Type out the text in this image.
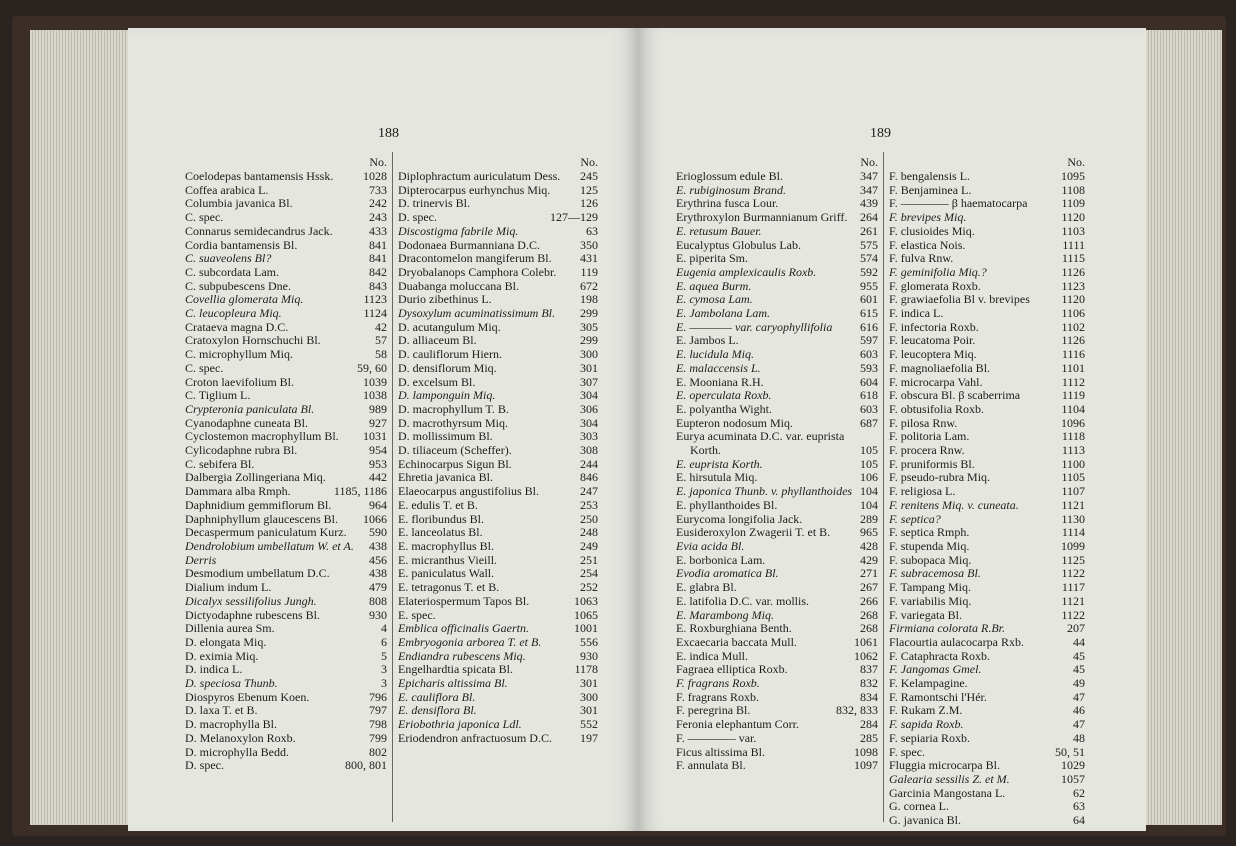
188
No.
Coelodepas bantamensis Hssk.	1028
Coffea arabica L.	733
Columbia javanica Bl.	242
C. spec.	243
Connarus semidecandrus Jack.	433
Cordia bantamensis Bl.	841
C. suaveolens Bl?	841
C. subcordata Lam.	842
C. subpubescens Dne.	843
Covellia glomerata Miq.	1123
C. leucopleura Miq.	1124
Crataeva magna D.C.	42
Cratoxylon Hornschuchi Bl.	57
C. microphyllum Miq.	58
C. spec.	59, 60
Croton laevifolium Bl.	1039
C. Tiglium L.	1038
Crypteronia paniculata Bl.	989
Cyanodaphne cuneata Bl.	927
Cyclostemon macrophyllum Bl.	1031
Cylicodaphne rubra Bl.	954
C. sebifera Bl.	953
Dalbergia Zollingeriana Miq.	442
Dammara alba Rmph.	1185, 1186
Daphnidium gemmiflorum Bl.	964
Daphniphyllum glaucescens Bl.	1066
Decaspermum paniculatum Kurz.	590
Dendrolobium umbellatum W. et A.	438
Derris	456
Desmodium umbellatum D.C.	438
Dialium indum L.	479
Dicalyx sessilifolius Jungh.	808
Dictyodaphne rubescens Bl.	930
Dillenia aurea Sm.	4
D. elongata Miq.	6
D. eximia Miq.	5
D. indica L.	3
D. speciosa Thunb.	3
Diospyros Ebenum Koen.	796
D. laxa T. et B.	797
D. macrophylla Bl.	798
D. Melanoxylon Roxb.	799
D. microphylla Bedd.	802
D. spec.	800, 801
No.
Diplophractum auriculatum Dess.	245
Dipterocarpus eurhynchus Miq.	125
D. trinervis Bl.	126
D. spec.	127—129
Discostigma fabrile Miq.	63
Dodonaea Burmanniana D.C.	350
Dracontomelon mangiferum Bl.	431
Dryobalanops Camphora Colebr.	119
Duabanga moluccana Bl.	672
Durio zibethinus L.	198
Dysoxylum acuminatissimum Bl.	299
D. acutangulum Miq.	305
D. alliaceum Bl.	299
D. cauliflorum Hiern.	300
D. densiflorum Miq.	301
D. excelsum Bl.	307
D. lamponguin Miq.	304
D. macrophyllum T. B.	306
D. macrothyrsum Miq.	304
D. mollissimum Bl.	303
D. tiliaceum (Scheffer).	308
Echinocarpus Sigun Bl.	244
Ehretia javanica Bl.	846
Elaeocarpus angustifolius Bl.	247
E. edulis T. et B.	253
E. floribundus Bl.	250
E. lanceolatus Bl.	248
E. macrophyllus Bl.	249
E. micranthus Vieill.	251
E. paniculatus Wall.	254
E. tetragonus T. et B.	252
Elateriospermum Tapos Bl.	1063
E. spec.	1065
Emblica officinalis Gaertn.	1001
Embryogonia arborea T. et B.	556
Endiandra rubescens Miq.	930
Engelhardtia spicata Bl.	1178
Epicharis altissima Bl.	301
E. cauliflora Bl.	300
E. densiflora Bl.	301
Eriobothria japonica Ldl.	552
Eriodendron anfractuosum D.C.	197
189
No.
Erioglossum edule Bl.	347
E. rubiginosum Brand.	347
Erythrina fusca Lour.	439
Erythroxylon Burmannianum Griff.	264
E. retusum Bauer.	261
Eucalyptus Globulus Lab.	575
E. piperita Sm.	574
Eugenia amplexicaulis Roxb.	592
E. aquea Burm.	955
E. cymosa Lam.	601
E. Jambolana Lam.	615
E. ———— var. caryophyllifolia	616
E. Jambos L.	597
E. lucidula Miq.	603
E. malaccensis L.	593
E. Mooniana R.H.	604
E. operculata Roxb.	618
E. polyantha Wight.	603
Eupteron nodosum Miq.	687
Eurya acuminata D.C. var. euprista Korth.	105
E. euprista Korth.	105
E. hirsutula Miq.	106
E. japonica Thunb. v. phyllanthoides 104
E. phyllanthoides Bl.	104
Eurycoma longifolia Jack.	289
Eusideroxylon Zwagerii T. et B.	965
Evia acida Bl.	428
E. borbonica Lam.	429
Evodia aromatica Bl.	271
E. glabra Bl.	267
E. latifolia D.C. var. mollis.	266
E. Marambong Miq.	268
E. Roxburghiana Benth.	268
Excaecaria baccata Mull.	1061
E. indica Mull.	1062
Fagraea elliptica Roxb.	837
F. fragrans Roxb.	832
F. fragrans Roxb.	834
F. peregrina Bl.	832, 833
Feronia elephantum Corr.	284
F. ———— var.	285
Ficus altissima Bl.	1098
F. annulata Bl.	1097
No.
F. bengalensis L.	1095
F. Benjaminea L.	1108
F. ———— β haematocarpa	1109
F. brevipes Miq.	1120
F. clusioides Miq.	1103
F. elastica Nois.	1111
F. fulva Rnw.	1115
F. geminifolia Miq.?	1126
F. glomerata Roxb.	1123
F. grawiaefolia Bl v. brevipes	1120
F. indica L.	1106
F. infectoria Roxb.	1102
F. leucatoma Poir.	1126
F. leucoptera Miq.	1116
F. magnoliaefolia Bl.	1101
F. microcarpa Vahl.	1112
F. obscura Bl. β scaberrima	1119
F. obtusifolia Roxb.	1104
F. pilosa Rnw.	1096
F. politoria Lam.	1118
F. procera Rnw.	1113
F. pruniformis Bl.	1100
F. pseudo-rubra Miq.	1105
F. religiosa L.	1107
F. renitens Miq. v. cuneata.	1121
F. septica?	1130
F. septica Rmph.	1114
F. stupenda Miq.	1099
F. subopaca Miq.	1125
F. subracemosa Bl.	1122
F. Tampang Miq.	1117
F. variabilis Miq.	1121
F. variegata Bl.	1122
Firmiana colorata R.Br.	207
Flacourtia aulacocarpa Rxb.	44
F. Cataphracta Roxb.	45
F. Jangomas Gmel.	45
F. Kelampagine.	49
F. Ramontschi l'Hér.	47
F. Rukam Z.M.	46
F. sapida Roxb.	47
F. sepiaria Roxb.	48
F. spec.	50, 51
Fluggia microcarpa Bl.	1029
Galearia sessilis Z. et M.	1057
Garcinia Mangostana L.	62
G. cornea L.	63
G. javanica Bl.	64
